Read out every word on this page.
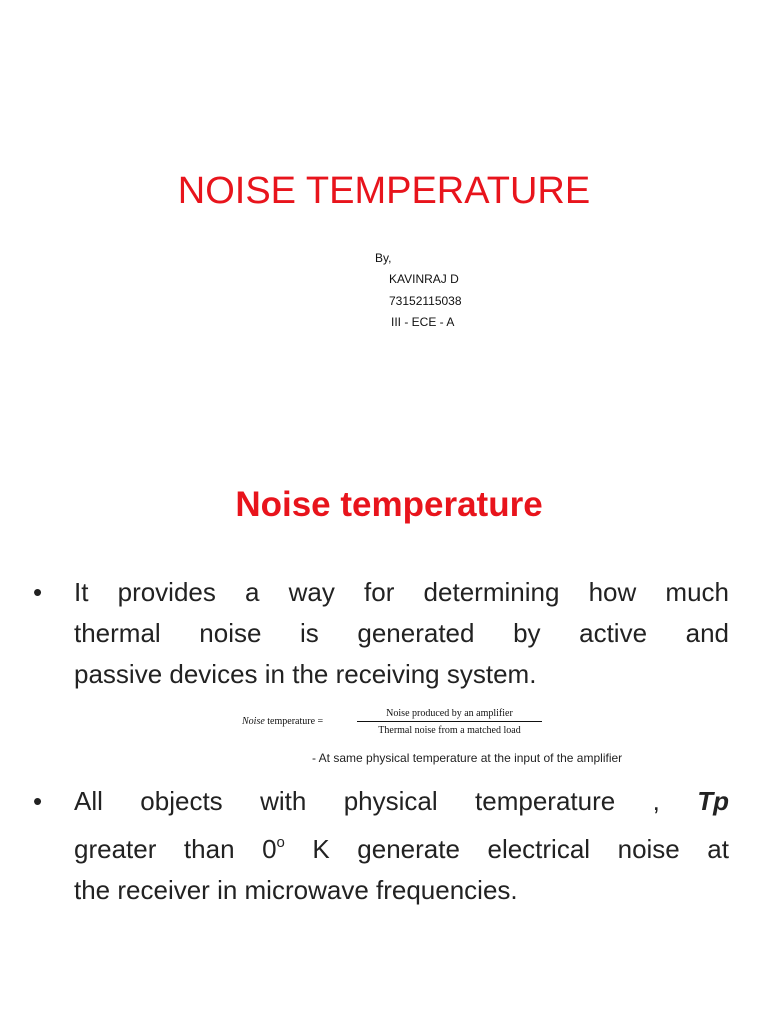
NOISE TEMPERATURE
By,
KAVINRAJ D
73152115038
III - ECE - A
Noise temperature
•	It provides a way for determining how much
thermal noise is generated by active and
passive devices in the receiving system.
Noise temperature =
Noise produced by an amplifier
Thermal noise from a matched load
- At same physical temperature at the input of the amplifier
•	All objects with physical temperature , Tp
greater than 0$^o$ K generate electrical noise at
the receiver in microwave frequencies.
